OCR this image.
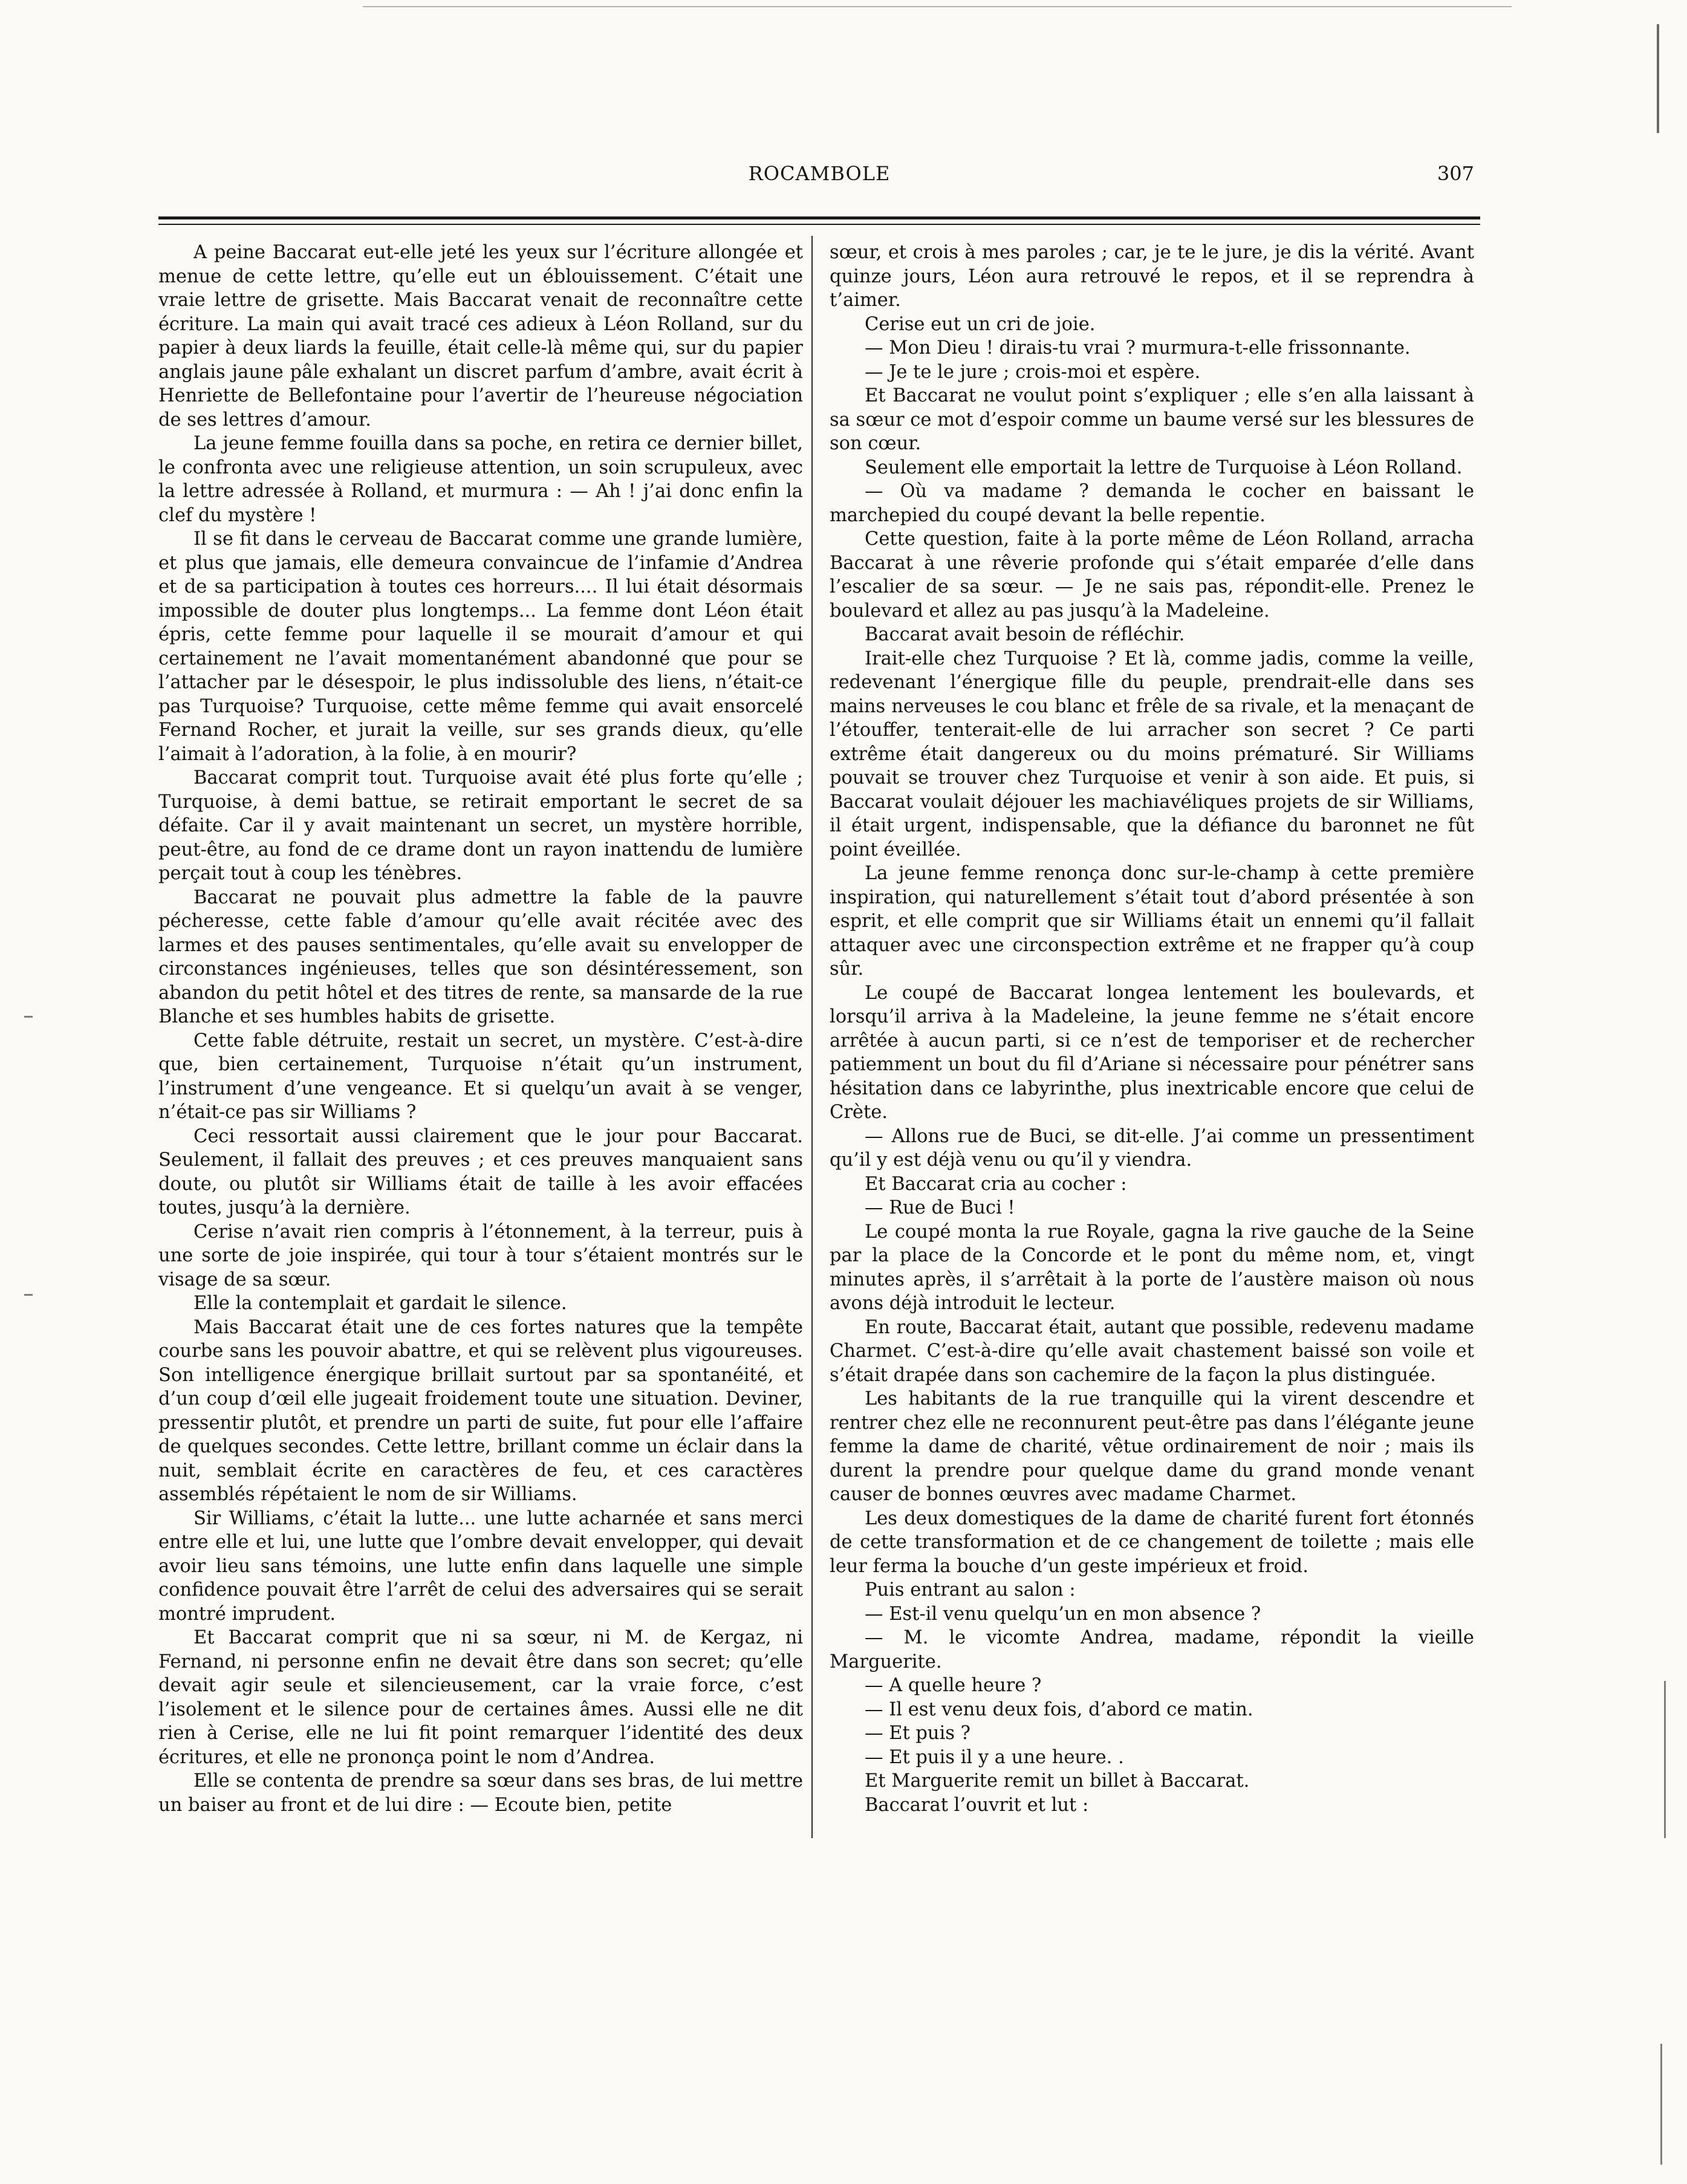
ROCAMBOLE	307

A peine Baccarat eut-elle jeté les yeux sur l’écriture allongée et menue de cette lettre, qu’elle eut un éblouissement. C’était une vraie lettre de grisette. Mais Baccarat venait de reconnaître cette écriture. La main qui avait tracé ces adieux à Léon Rolland, sur du papier à deux liards la feuille, était celle-là même qui, sur du papier anglais jaune pâle exhalant un discret parfum d’ambre, avait écrit à Henriette de Bellefontaine pour l’avertir de l’heureuse négociation de ses lettres d’amour.

La jeune femme fouilla dans sa poche, en retira ce dernier billet, le confronta avec une religieuse attention, un soin scrupuleux, avec la lettre adressée à Rolland, et murmura : — Ah ! j’ai donc enfin la clef du mystère !

Il se fit dans le cerveau de Baccarat comme une grande lumière, et plus que jamais, elle demeura convaincue de l’infamie d’Andrea et de sa participation à toutes ces horreurs.... Il lui était désormais impossible de douter plus longtemps... La femme dont Léon était épris, cette femme pour laquelle il se mourait d’amour et qui certainement ne l’avait momentanément abandonné que pour se l’attacher par le désespoir, le plus indissoluble des liens, n’était-ce pas Turquoise? Turquoise, cette même femme qui avait ensorcelé Fernand Rocher, et jurait la veille, sur ses grands dieux, qu’elle l’aimait à l’adoration, à la folie, à en mourir?

Baccarat comprit tout. Turquoise avait été plus forte qu’elle ; Turquoise, à demi battue, se retirait emportant le secret de sa défaite. Car il y avait maintenant un secret, un mystère horrible, peut-être, au fond de ce drame dont un rayon inattendu de lumière perçait tout à coup les ténèbres.

Baccarat ne pouvait plus admettre la fable de la pauvre pécheresse, cette fable d’amour qu’elle avait récitée avec des larmes et des pauses sentimentales, qu’elle avait su envelopper de circonstances ingénieuses, telles que son désintéressement, son abandon du petit hôtel et des titres de rente, sa mansarde de la rue Blanche et ses humbles habits de grisette.

Cette fable détruite, restait un secret, un mystère. C’est-à-dire que, bien certainement, Turquoise n’était qu’un instrument, l’instrument d’une vengeance. Et si quelqu’un avait à se venger, n’était-ce pas sir Williams ?

Ceci ressortait aussi clairement que le jour pour Baccarat. Seulement, il fallait des preuves ; et ces preuves manquaient sans doute, ou plutôt sir Williams était de taille à les avoir effacées toutes, jusqu’à la dernière.

Cerise n’avait rien compris à l’étonnement, à la terreur, puis à une sorte de joie inspirée, qui tour à tour s’étaient montrés sur le visage de sa sœur.

Elle la contemplait et gardait le silence.

Mais Baccarat était une de ces fortes natures que la tempête courbe sans les pouvoir abattre, et qui se relèvent plus vigoureuses. Son intelligence énergique brillait surtout par sa spontanéité, et d’un coup d’œil elle jugeait froidement toute une situation. Deviner, pressentir plutôt, et prendre un parti de suite, fut pour elle l’affaire de quelques secondes. Cette lettre, brillant comme un éclair dans la nuit, semblait écrite en caractères de feu, et ces caractères assemblés répétaient le nom de sir Williams.

Sir Williams, c’était la lutte... une lutte acharnée et sans merci entre elle et lui, une lutte que l’ombre devait envelopper, qui devait avoir lieu sans témoins, une lutte enfin dans laquelle une simple confidence pouvait être l’arrêt de celui des adversaires qui se serait montré imprudent.

Et Baccarat comprit que ni sa sœur, ni M. de Kergaz, ni Fernand, ni personne enfin ne devait être dans son secret; qu’elle devait agir seule et silencieusement, car la vraie force, c’est l’isolement et le silence pour de certaines âmes. Aussi elle ne dit rien à Cerise, elle ne lui fit point remarquer l’identité des deux écritures, et elle ne prononça point le nom d’Andrea.

Elle se contenta de prendre sa sœur dans ses bras, de lui mettre un baiser au front et de lui dire : — Ecoute bien, petite

sœur, et crois à mes paroles ; car, je te le jure, je dis la vérité. Avant quinze jours, Léon aura retrouvé le repos, et il se reprendra à t’aimer.

Cerise eut un cri de joie.

— Mon Dieu ! dirais-tu vrai ? murmura-t-elle frissonnante.

— Je te le jure ; crois-moi et espère.

Et Baccarat ne voulut point s’expliquer ; elle s’en alla laissant à sa sœur ce mot d’espoir comme un baume versé sur les blessures de son cœur.

Seulement elle emportait la lettre de Turquoise à Léon Rolland.

— Où va madame ? demanda le cocher en baissant le marchepied du coupé devant la belle repentie.

Cette question, faite à la porte même de Léon Rolland, arracha Baccarat à une rêverie profonde qui s’était emparée d’elle dans l’escalier de sa sœur. — Je ne sais pas, répondit-elle. Prenez le boulevard et allez au pas jusqu’à la Madeleine.

Baccarat avait besoin de réfléchir.

Irait-elle chez Turquoise ? Et là, comme jadis, comme la veille, redevenant l’énergique fille du peuple, prendrait-elle dans ses mains nerveuses le cou blanc et frêle de sa rivale, et la menaçant de l’étouffer, tenterait-elle de lui arracher son secret ? Ce parti extrême était dangereux ou du moins prématuré. Sir Williams pouvait se trouver chez Turquoise et venir à son aide. Et puis, si Baccarat voulait déjouer les machiavéliques projets de sir Williams, il était urgent, indispensable, que la défiance du baronnet ne fût point éveillée.

La jeune femme renonça donc sur-le-champ à cette première inspiration, qui naturellement s’était tout d’abord présentée à son esprit, et elle comprit que sir Williams était un ennemi qu’il fallait attaquer avec une circonspection extrême et ne frapper qu’à coup sûr.

Le coupé de Baccarat longea lentement les boulevards, et lorsqu’il arriva à la Madeleine, la jeune femme ne s’était encore arrêtée à aucun parti, si ce n’est de temporiser et de rechercher patiemment un bout du fil d’Ariane si nécessaire pour pénétrer sans hésitation dans ce labyrinthe, plus inextricable encore que celui de Crète.

— Allons rue de Buci, se dit-elle. J’ai comme un pressentiment qu’il y est déjà venu ou qu’il y viendra.

Et Baccarat cria au cocher :

— Rue de Buci !

Le coupé monta la rue Royale, gagna la rive gauche de la Seine par la place de la Concorde et le pont du même nom, et, vingt minutes après, il s’arrêtait à la porte de l’austère maison où nous avons déjà introduit le lecteur.

En route, Baccarat était, autant que possible, redevenu madame Charmet. C’est-à-dire qu’elle avait chastement baissé son voile et s’était drapée dans son cachemire de la façon la plus distinguée.

Les habitants de la rue tranquille qui la virent descendre et rentrer chez elle ne reconnurent peut-être pas dans l’élégante jeune femme la dame de charité, vêtue ordinairement de noir ; mais ils durent la prendre pour quelque dame du grand monde venant causer de bonnes œuvres avec madame Charmet.

Les deux domestiques de la dame de charité furent fort étonnés de cette transformation et de ce changement de toilette ; mais elle leur ferma la bouche d’un geste impérieux et froid.

Puis entrant au salon :

— Est-il venu quelqu’un en mon absence ?

— M. le vicomte Andrea, madame, répondit la vieille Marguerite.

— A quelle heure ?

— Il est venu deux fois, d’abord ce matin.

— Et puis ?

— Et puis il y a une heure. .

Et Marguerite remit un billet à Baccarat.

Baccarat l’ouvrit et lut :
